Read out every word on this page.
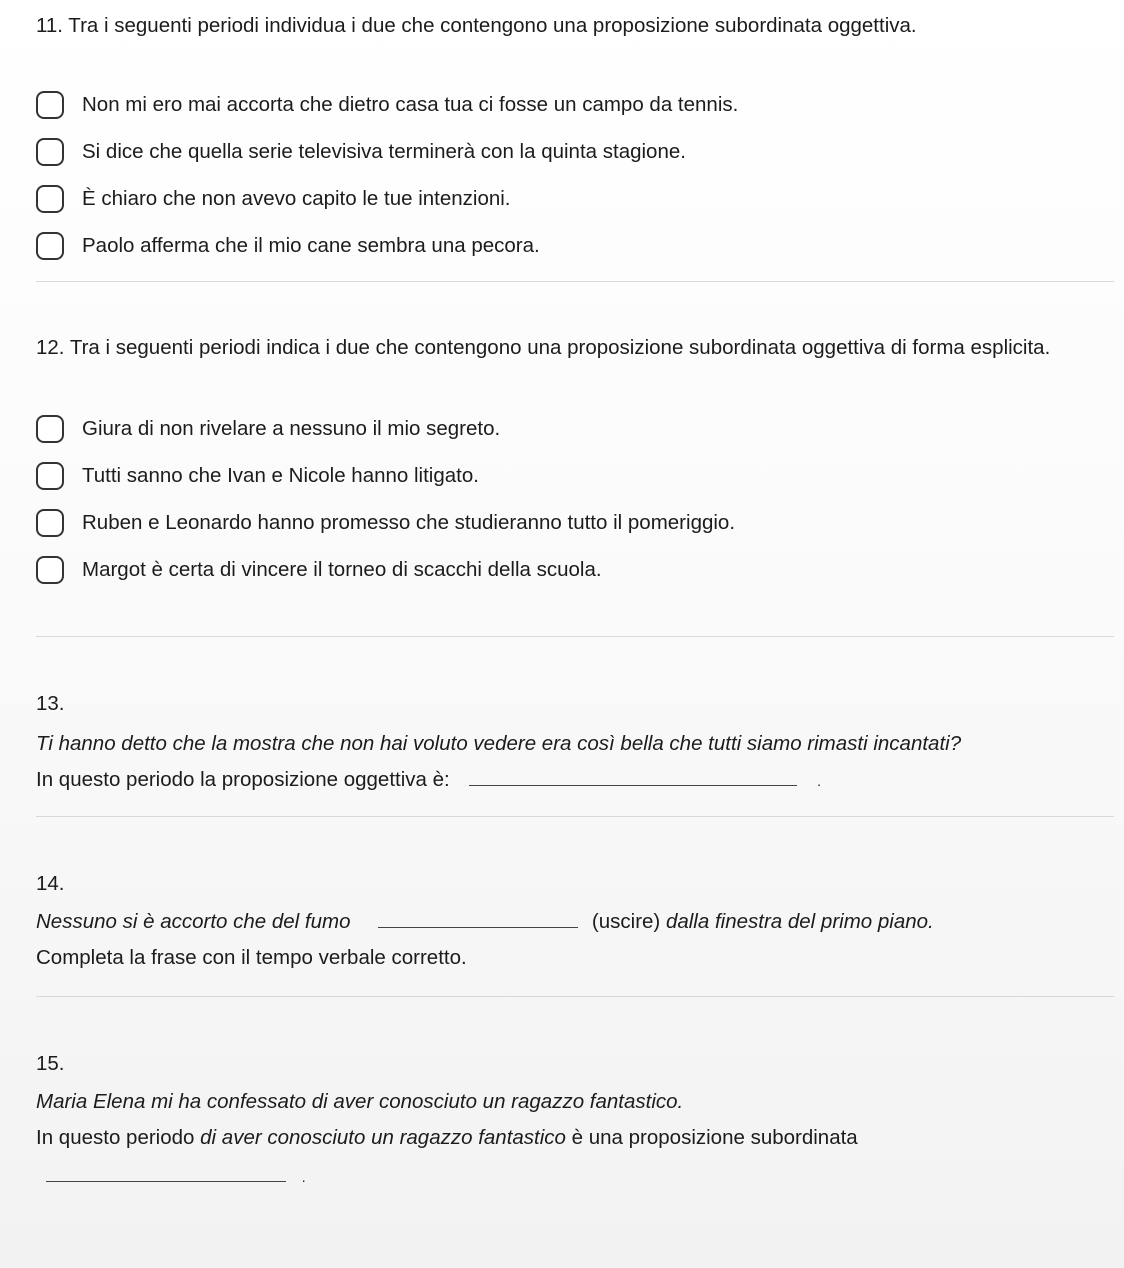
11. Tra i seguenti periodi individua i due che contengono una proposizione subordinata oggettiva.

Non mi ero mai accorta che dietro casa tua ci fosse un campo da tennis.
Si dice che quella serie televisiva terminerà con la quinta stagione.
È chiaro che non avevo capito le tue intenzioni.
Paolo afferma che il mio cane sembra una pecora.

12. Tra i seguenti periodi indica i due che contengono una proposizione subordinata oggettiva di forma esplicita.

Giura di non rivelare a nessuno il mio segreto.
Tutti sanno che Ivan e Nicole hanno litigato.
Ruben e Leonardo hanno promesso che studieranno tutto il pomeriggio.
Margot è certa di vincere il torneo di scacchi della scuola.

13.

Ti hanno detto che la mostra che non hai voluto vedere era così bella che tutti siamo rimasti incantati?

In questo periodo la proposizione oggettiva è:	.

14.

Nessuno si è accorto che del fumo	(uscire) dalla finestra del primo piano.

Completa la frase con il tempo verbale corretto.

15.

Maria Elena mi ha confessato di aver conosciuto un ragazzo fantastico.

In questo periodo di aver conosciuto un ragazzo fantastico è una proposizione subordinata

.
